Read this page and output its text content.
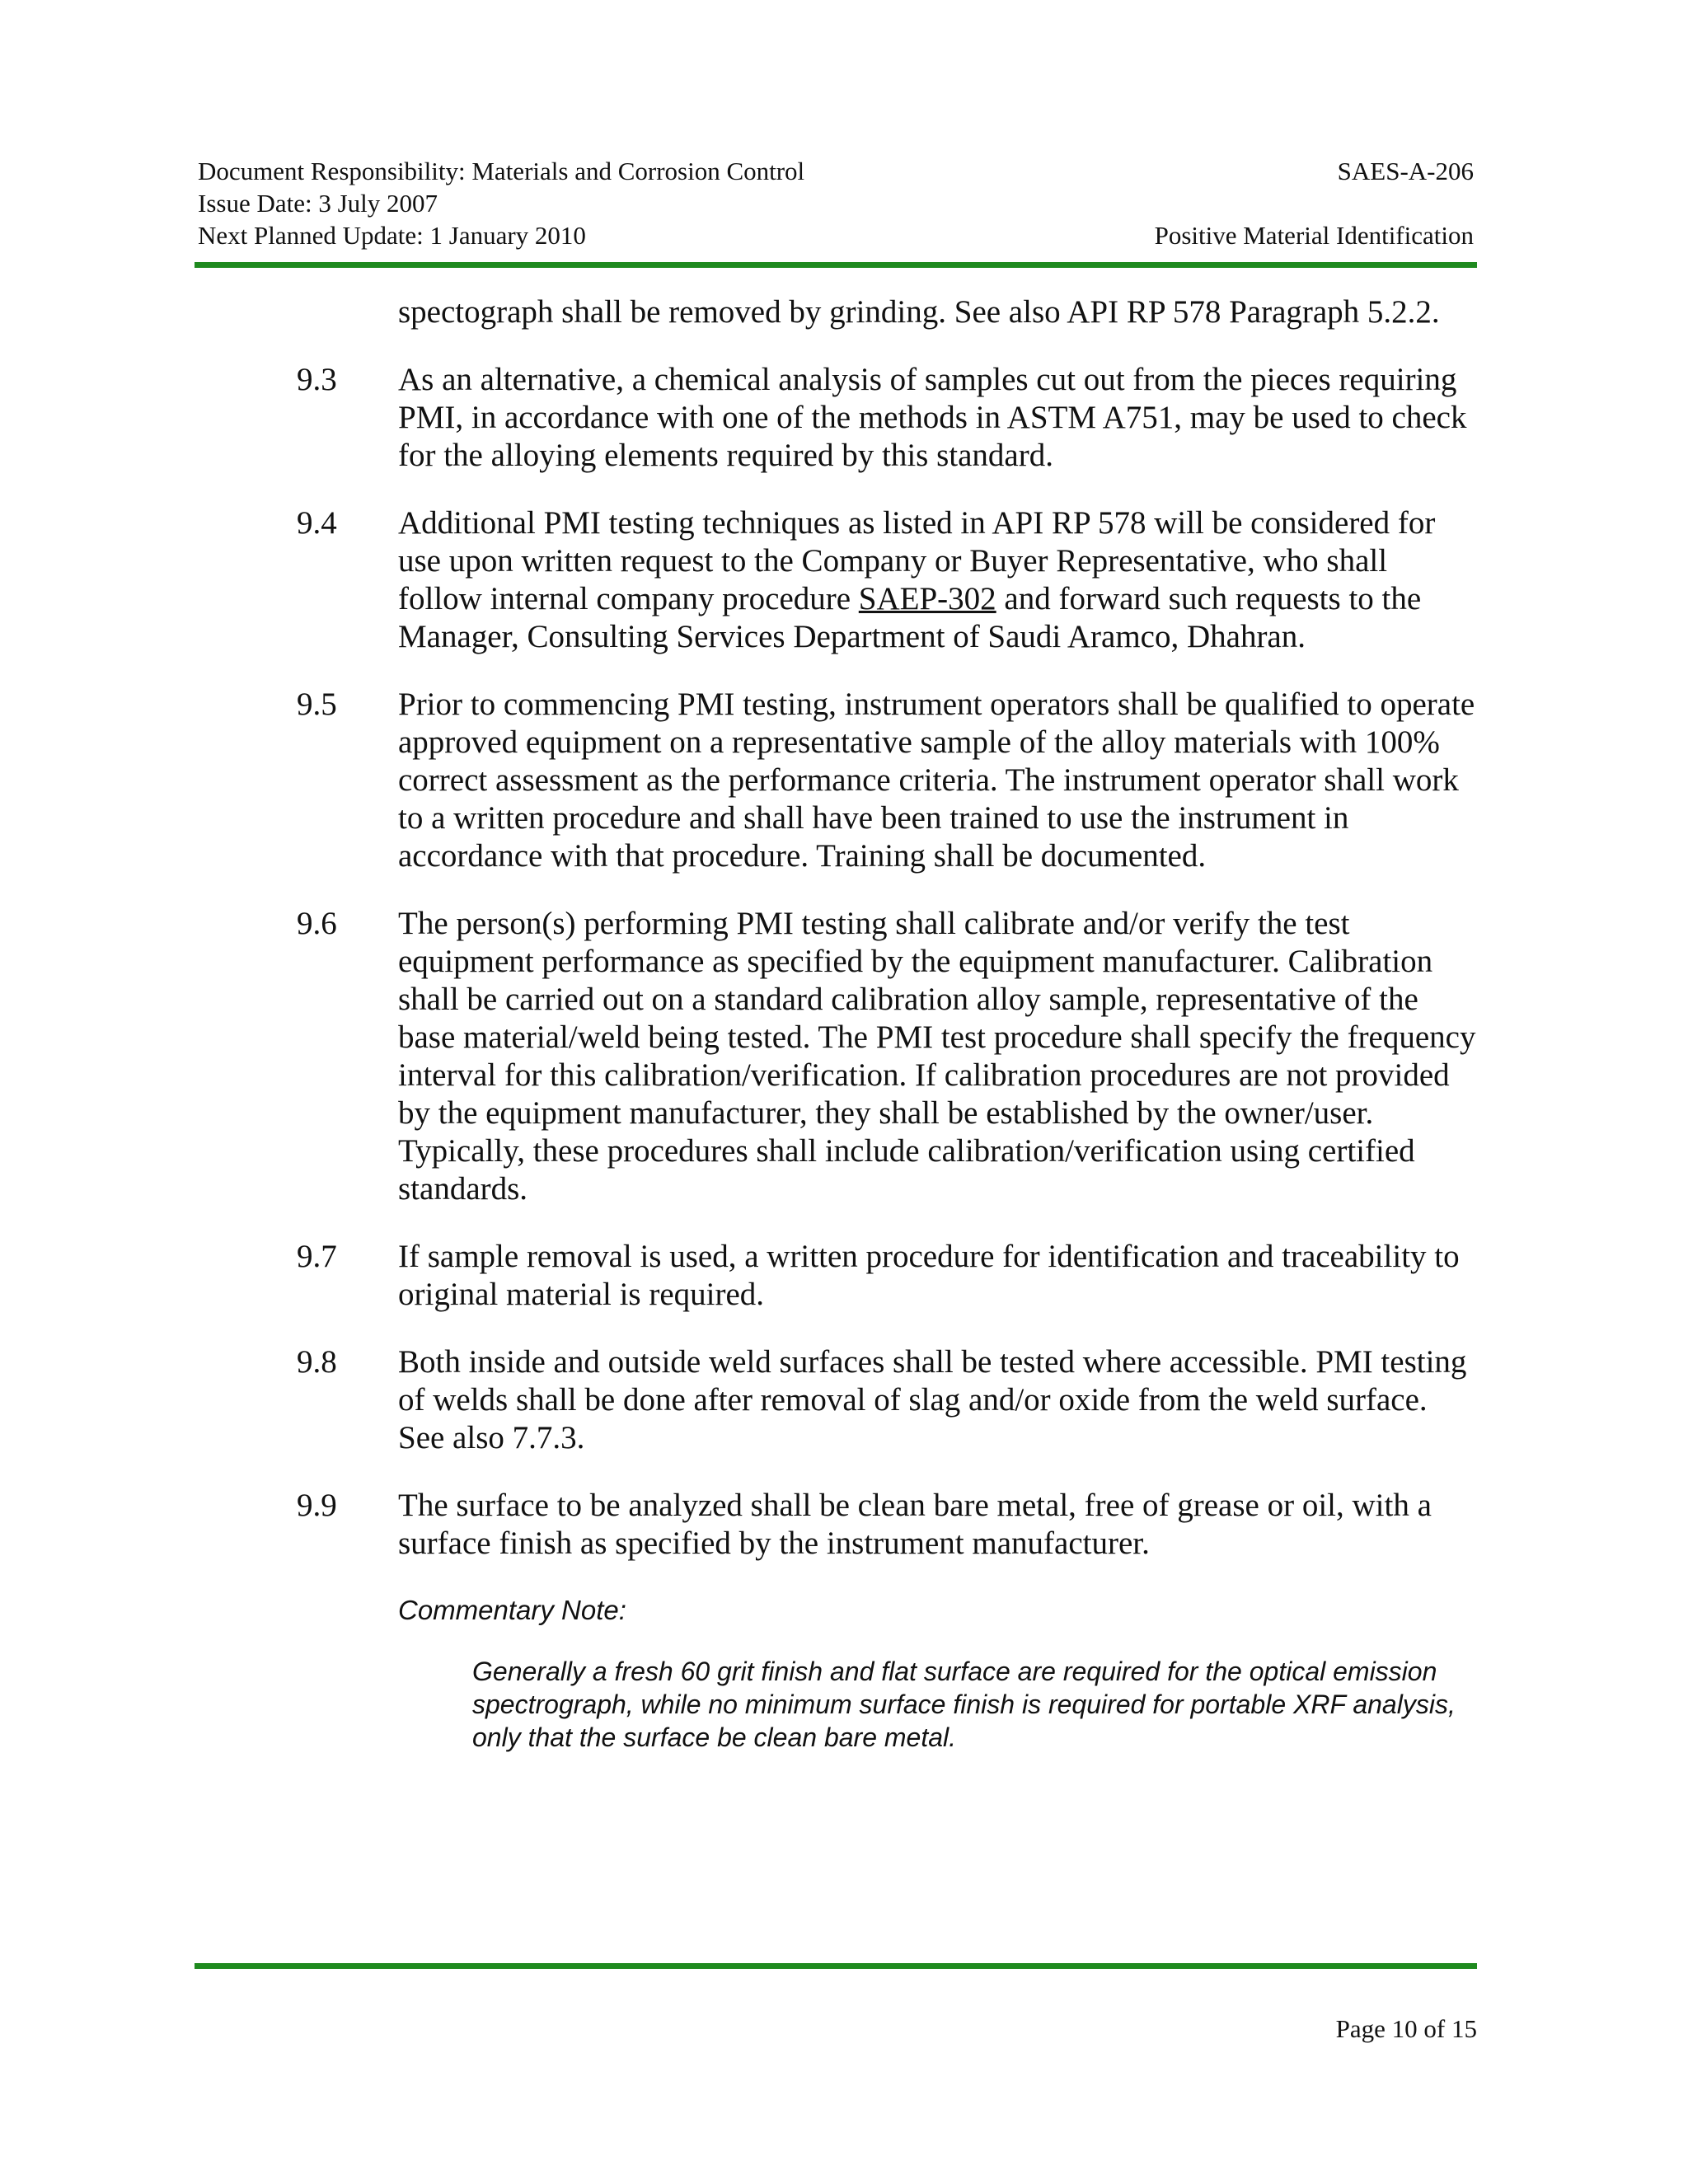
Document Responsibility: Materials and Corrosion Control	SAES-A-206
Issue Date: 3 July 2007
Next Planned Update: 1 January 2010	Positive Material Identification
spectograph shall be removed by grinding. See also API RP 578 Paragraph 5.2.2.
9.3 As an alternative, a chemical analysis of samples cut out from the pieces requiring PMI, in accordance with one of the methods in ASTM A751, may be used to check for the alloying elements required by this standard.
9.4 Additional PMI testing techniques as listed in API RP 578 will be considered for use upon written request to the Company or Buyer Representative, who shall follow internal company procedure SAEP-302 and forward such requests to the Manager, Consulting Services Department of Saudi Aramco, Dhahran.
9.5 Prior to commencing PMI testing, instrument operators shall be qualified to operate approved equipment on a representative sample of the alloy materials with 100% correct assessment as the performance criteria. The instrument operator shall work to a written procedure and shall have been trained to use the instrument in accordance with that procedure. Training shall be documented.
9.6 The person(s) performing PMI testing shall calibrate and/or verify the test equipment performance as specified by the equipment manufacturer. Calibration shall be carried out on a standard calibration alloy sample, representative of the base material/weld being tested. The PMI test procedure shall specify the frequency interval for this calibration/verification. If calibration procedures are not provided by the equipment manufacturer, they shall be established by the owner/user. Typically, these procedures shall include calibration/verification using certified standards.
9.7 If sample removal is used, a written procedure for identification and traceability to original material is required.
9.8 Both inside and outside weld surfaces shall be tested where accessible. PMI testing of welds shall be done after removal of slag and/or oxide from the weld surface. See also 7.7.3.
9.9 The surface to be analyzed shall be clean bare metal, free of grease or oil, with a surface finish as specified by the instrument manufacturer.
Commentary Note:
Generally a fresh 60 grit finish and flat surface are required for the optical emission spectrograph, while no minimum surface finish is required for portable XRF analysis, only that the surface be clean bare metal.
Page 10 of 15
